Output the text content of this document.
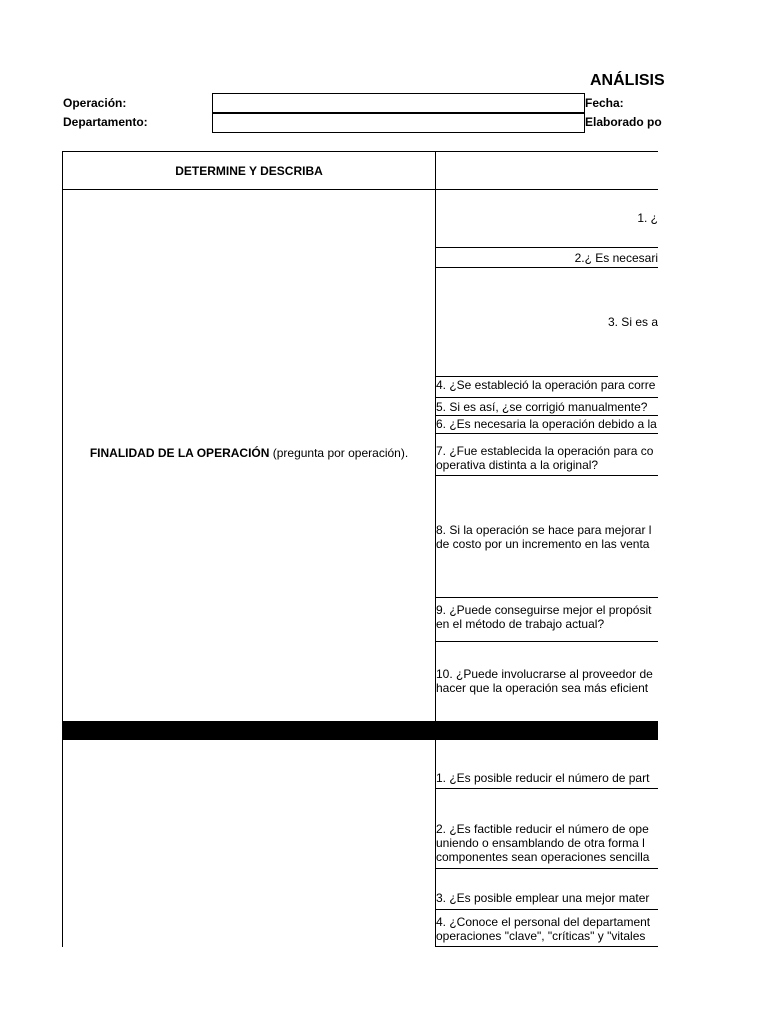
ANÁLISIS
Operación:
Departamento:
Fecha:
Elaborado po
DETERMINE Y DESCRIBA
FINALIDAD DE LA OPERACIÓN (pregunta por operación).
1. ¿
2.¿ Es necesari
3. Si es a
4. ¿Se estableció la operación para corre
5. Si es así, ¿se corrigió manualmente?
6. ¿Es necesaria la operación debido a la
7. ¿Fue establecida la operación para co
operativa distinta a la original?
8. Si la operación se hace para mejorar l
de costo por un incremento en las venta
9. ¿Puede conseguirse mejor el propósit
en el método de trabajo actual?
10. ¿Puede involucrarse al proveedor de
hacer que la operación sea más eficient
1. ¿Es posible reducir el número de part
2. ¿Es factible reducir el número de ope
uniendo o ensamblando de otra forma l
componentes sean operaciones sencilla
3. ¿Es posible emplear una mejor mater
4. ¿Conoce el personal del departament
operaciones "clave", "críticas" y "vitales
